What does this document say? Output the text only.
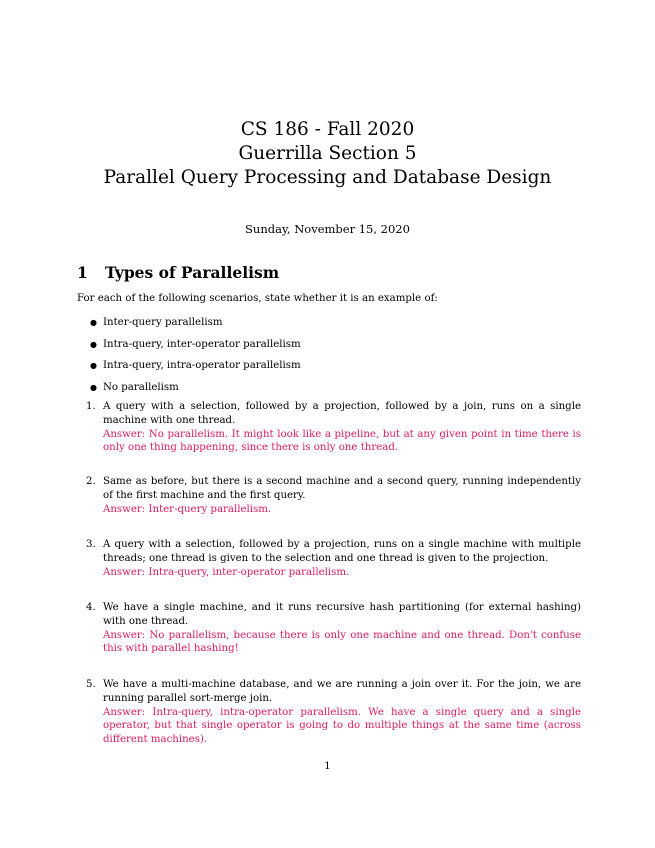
CS 186 - Fall 2020
Guerrilla Section 5
Parallel Query Processing and Database Design
Sunday, November 15, 2020
1 Types of Parallelism
For each of the following scenarios, state whether it is an example of:
● Inter-query parallelism
● Intra-query, inter-operator parallelism
● Intra-query, intra-operator parallelism
● No parallelism
1. A query with a selection, followed by a projection, followed by a join, runs on a single machine with one thread.
Answer: No parallelism. It might look like a pipeline, but at any given point in time there is only one thing happening, since there is only one thread.
2. Same as before, but there is a second machine and a second query, running independently of the first machine and the first query.
Answer: Inter-query parallelism.
3. A query with a selection, followed by a projection, runs on a single machine with multiple threads; one thread is given to the selection and one thread is given to the projection.
Answer: Intra-query, inter-operator parallelism.
4. We have a single machine, and it runs recursive hash partitioning (for external hashing) with one thread.
Answer: No parallelism, because there is only one machine and one thread. Don't confuse this with parallel hashing!
5. We have a multi-machine database, and we are running a join over it. For the join, we are running parallel sort-merge join.
Answer: Intra-query, intra-operator parallelism. We have a single query and a single operator, but that single operator is going to do multiple things at the same time (across different machines).
1
